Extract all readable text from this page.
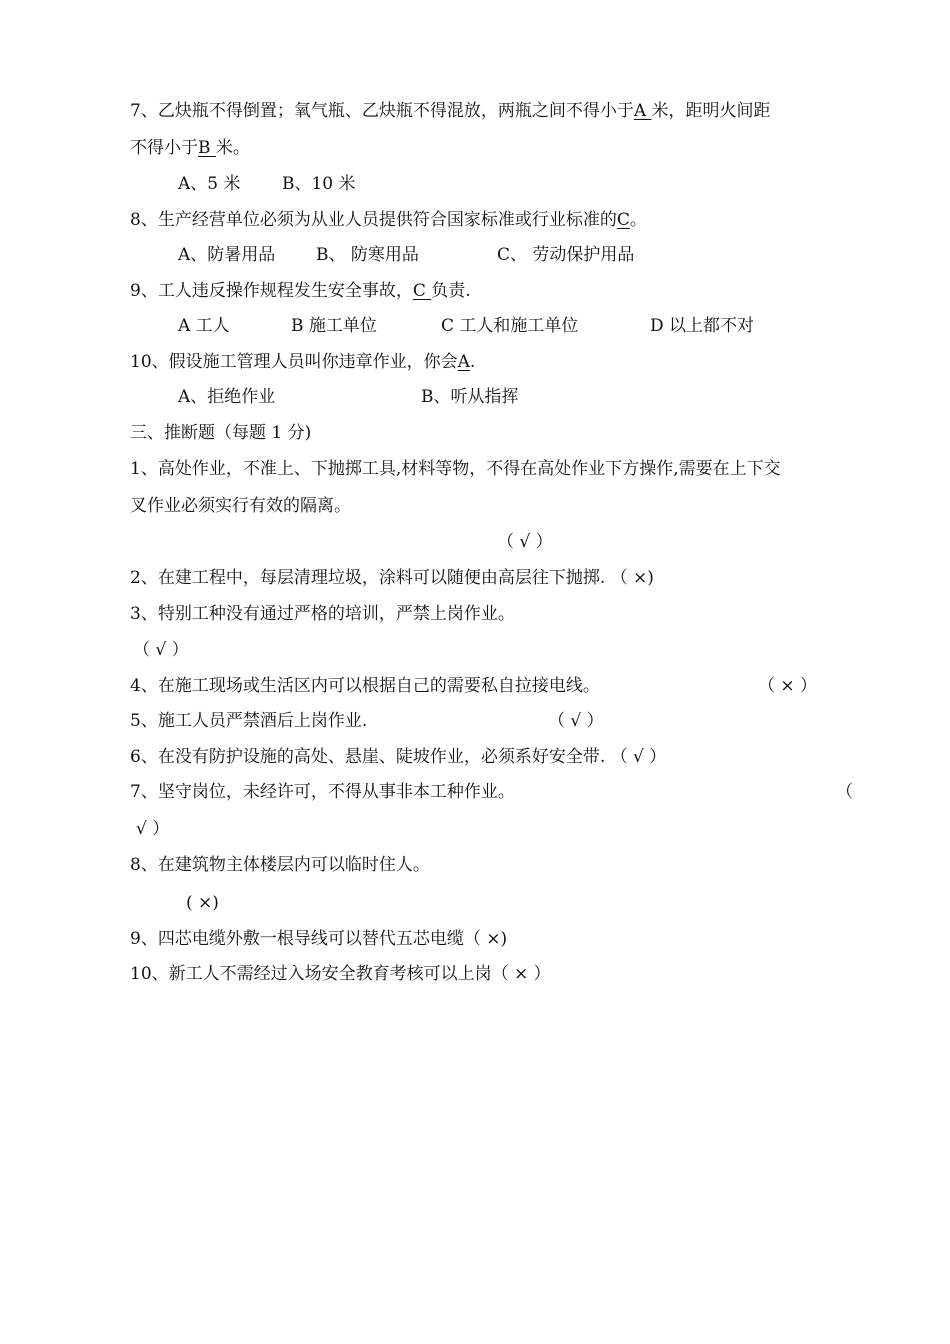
7、乙炔瓶不得倒置；氧气瓶、乙炔瓶不得混放，两瓶之间不得小于A 米，距明火间距
不得小于B 米。
A、5 米 B、10 米
8、生产经营单位必须为从业人员提供符合国家标准或行业标准的C。
A、防暑用品 B、 防寒用品	C、 劳动保护用品
9、工人违反操作规程发生安全事故，C 负责.
A 工人	B 施工单位	C 工人和施工单位	D 以上都不对
10、假设施工管理人员叫你违章作业，你会A.
A、拒绝作业	B、听从指挥
三、推断题（每题 1 分)
1、高处作业，不准上、下抛掷工具,材料等物，不得在高处作业下方操作,需要在上下交
叉作业必须实行有效的隔离。
（ √ ）
2、在建工程中，每层清理垃圾，涂料可以随便由高层往下抛掷. （ ×)
3、特别工种没有通过严格的培训，严禁上岗作业。
（ √ ）
4、在施工现场或生活区内可以根据自己的需要私自拉接电线。	（ × ）
5、施工人员严禁酒后上岗作业.	（ √ ）
6、在没有防护设施的高处、悬崖、陡坡作业，必须系好安全带. （ √ ）
7、坚守岗位，未经许可，不得从事非本工种作业。	（
√ ）
8、在建筑物主体楼层内可以临时住人。
( ×)
9、四芯电缆外敷一根导线可以替代五芯电缆（ ×)
10、新工人不需经过入场安全教育考核可以上岗（ × ）
